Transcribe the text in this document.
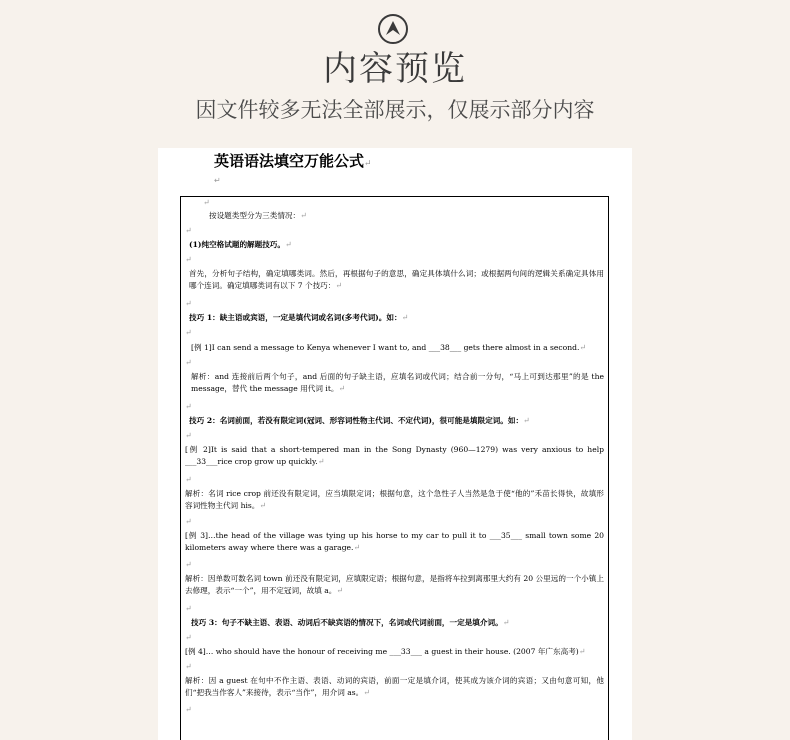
内容预览
因文件较多无法全部展示，仅展示部分内容
英语语法填空万能公式↵
↵
↵
按设题类型分为三类情况：↵
↵
(1)纯空格试题的解题技巧。↵
↵
首先，分析句子结构，确定填哪类词。然后，再根据句子的意思，确定具体填什么词；或根据两句间的逻辑关系确定具体用哪个连词。确定填哪类词有以下 7 个技巧：↵
↵
技巧 1：缺主语或宾语，一定是填代词或名词(多考代词)。如：↵
↵
[例 1]I can send a message to Kenya whenever I want to, and ___38___ gets there almost in a second.↵
↵
解析：and 连接前后两个句子，and 后面的句子缺主语，应填名词或代词；结合前一分句，“马上可到达那里”的是 the message，替代 the message 用代词 it。↵
↵
技巧 2：名词前面，若没有限定词(冠词、形容词性物主代词、不定代词)，很可能是填限定词。如：↵
↵
[例 2]It is said that a short-tempered man in the Song Dynasty (960—1279) was very anxious to help ___33___rice crop grow up quickly.↵
↵
解析：名词 rice crop 前还没有限定词，应当填限定词；根据句意，这个急性子人当然是急于使“他的”禾苗长得快，故填形容词性物主代词 his。↵
↵
[例 3]…the head of the village was tying up his horse to my car to pull it to ___35___ small town some 20 kilometers away where there was a garage.↵
↵
解析：因单数可数名词 town 前还没有限定词，应填限定语；根据句意，是指将车拉到离那里大约有 20 公里远的一个小镇上去修理，表示“一个”，用不定冠词，故填 a。↵
↵
技巧 3：句子不缺主语、表语、动词后不缺宾语的情况下，名词或代词前面，一定是填介词。↵
↵
[例 4]… who should have the honour of receiving me ___33___ a guest in their house. (2007 年广东高考)↵
↵
解析：因 a guest 在句中不作主语、表语、动词的宾语，前面一定是填介词，使其成为该介词的宾语；又由句意可知，他们“把我当作客人”来接待，表示“当作”，用介词 as。↵
↵
